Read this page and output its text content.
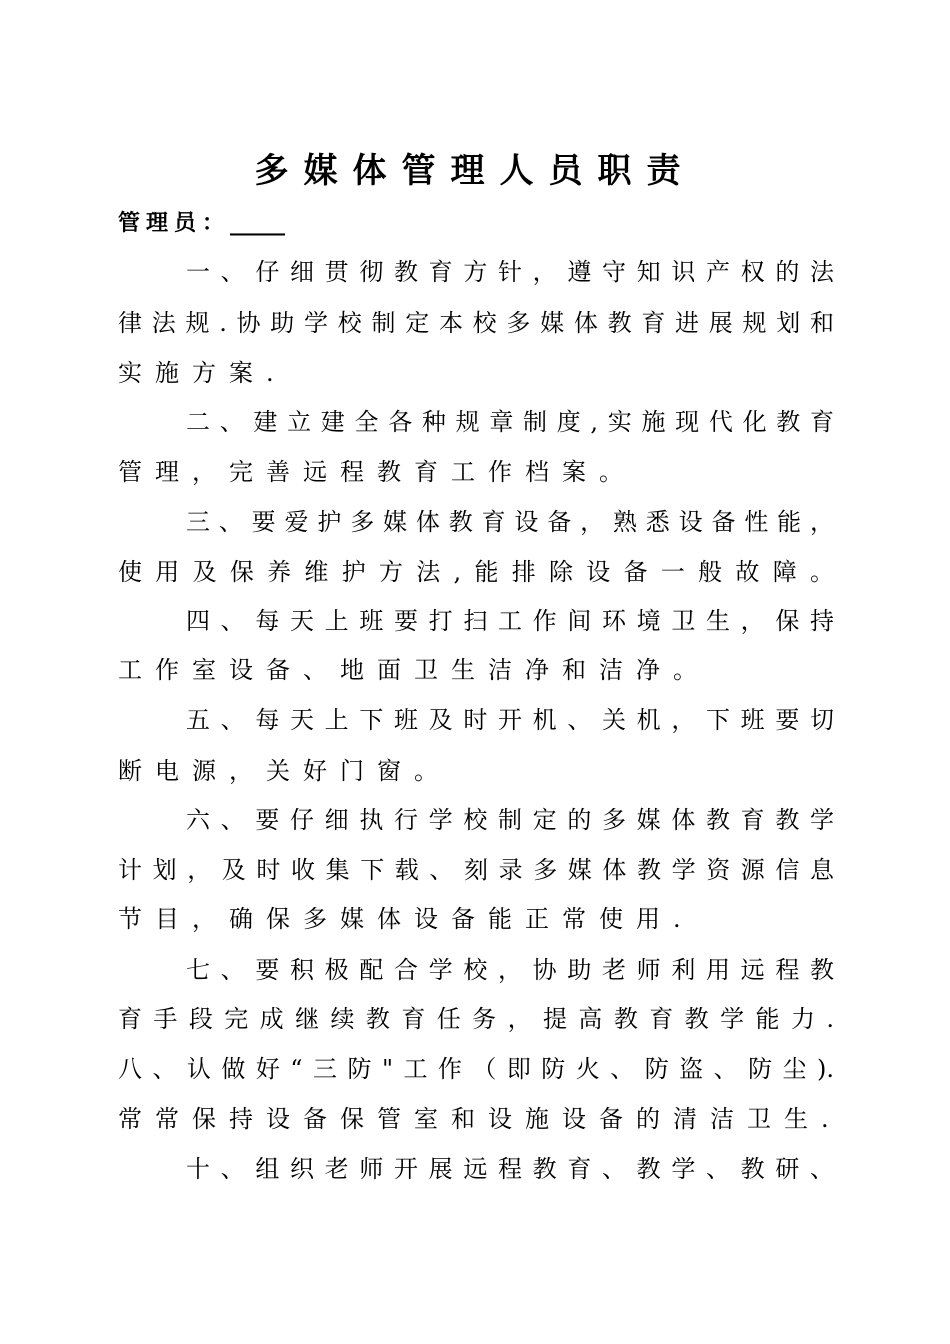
多媒体管理人员职责
管理员：_____
一、仔细贯彻教育方针，遵守知识产权的法
律法规.协助学校制定本校多媒体教育进展规划和
实施方案.
二、建立建全各种规章制度,实施现代化教育
管理，完善远程教育工作档案。
三、要爱护多媒体教育设备，熟悉设备性能，
使用及保养维护方法,能排除设备一般故障。
四、每天上班要打扫工作间环境卫生，保持
工作室设备、地面卫生洁净和洁净。
五、每天上下班及时开机、关机，下班要切
断电源，关好门窗。
六、要仔细执行学校制定的多媒体教育教学
计划，及时收集下载、刻录多媒体教学资源信息
节目，确保多媒体设备能正常使用.
七、要积极配合学校，协助老师利用远程教
育手段完成继续教育任务，提高教育教学能力.
八、认做好“三防"工作（即防火、防盗、防尘).
常常保持设备保管室和设施设备的清洁卫生.
十、组织老师开展远程教育、教学、教研、
